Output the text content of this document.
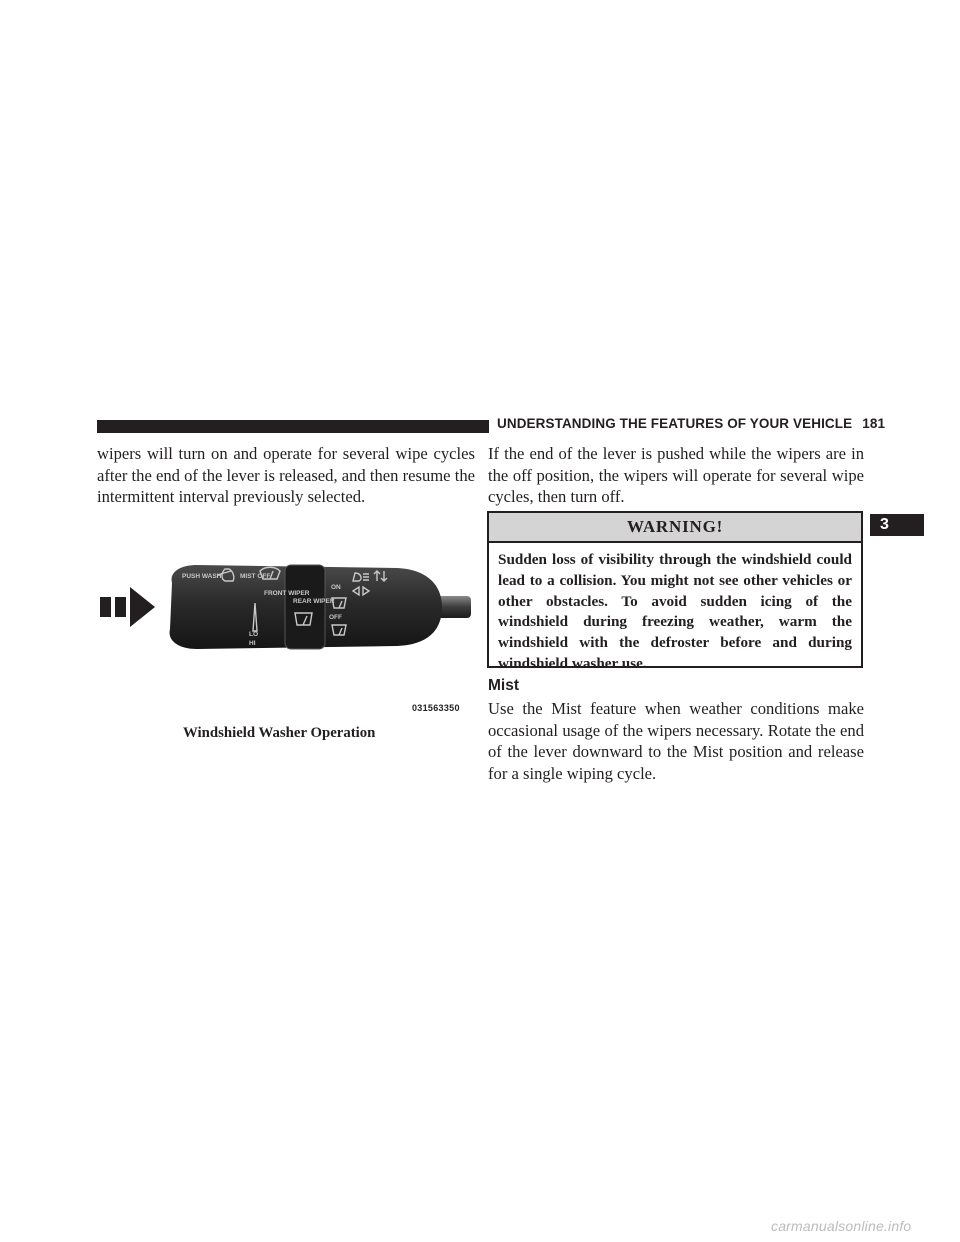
UNDERSTANDING THE FEATURES OF YOUR VEHICLE 181
3

wipers will turn on and operate for several wipe cycles after the end of the lever is released, and then resume the intermittent interval previously selected.

PUSH WASH	MIST OFF
FRONT WIPER
REAR WIPER
ON
OFF
LO
HI
031563350
Windshield Washer Operation

If the end of the lever is pushed while the wipers are in the off position, the wipers will operate for several wipe cycles, then turn off.

WARNING!
Sudden loss of visibility through the windshield could lead to a collision. You might not see other vehicles or other obstacles. To avoid sudden icing of the windshield during freezing weather, warm the windshield with the defroster before and during windshield washer use.
Mist

Use the Mist feature when weather conditions make occasional usage of the wipers necessary. Rotate the end of the lever downward to the Mist position and release for a single wiping cycle.

carmanualsonline.info
